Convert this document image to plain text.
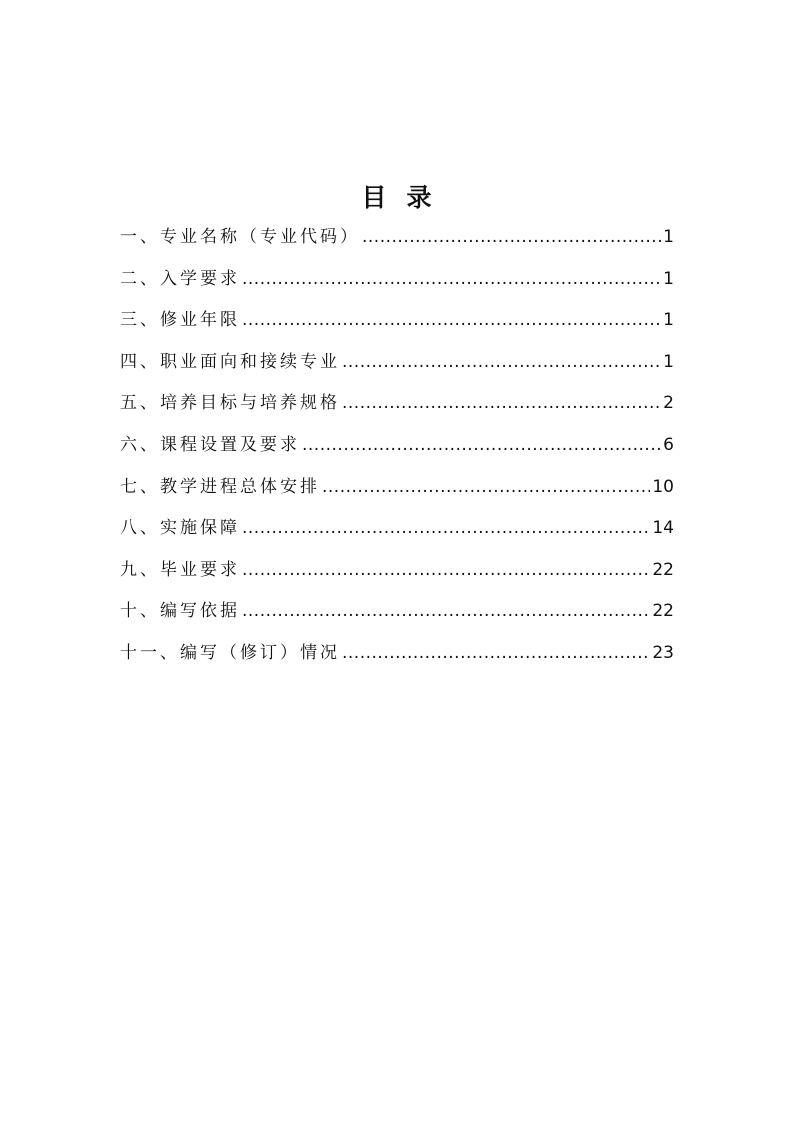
目录
一、专业名称（专业代码） .....	1
二、入学要求 .....	1
三、修业年限 .....	1
四、职业面向和接续专业 .....	1
五、培养目标与培养规格 .....	2
六、课程设置及要求 .....	6
七、教学进程总体安排 .....	10
八、实施保障 .....	14
九、毕业要求 .....	22
十、编写依据 .....	22
十一、编写（修订）情况 .....	23
